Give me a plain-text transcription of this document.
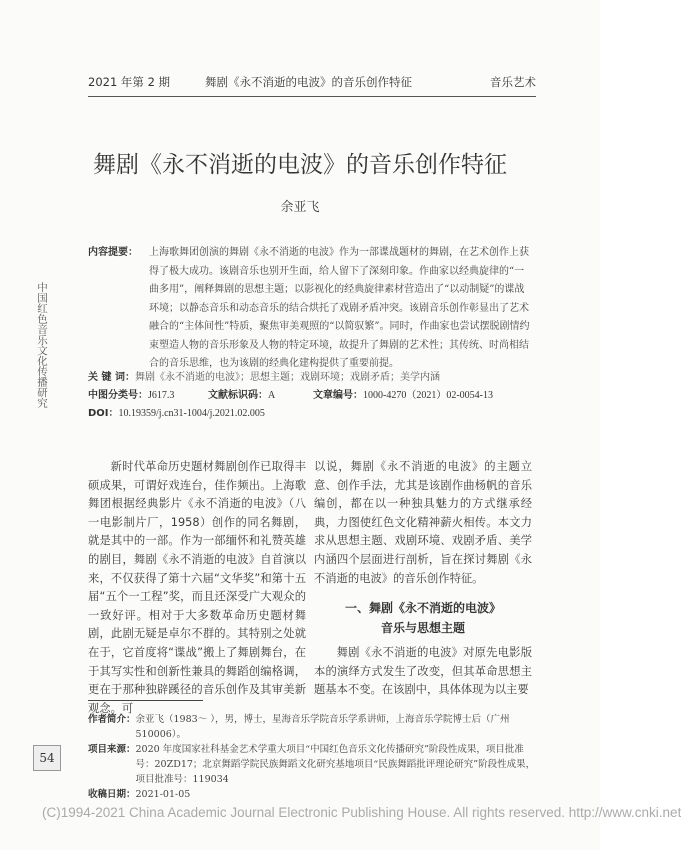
2021 年第 2 期	舞剧《永不消逝的电波》的音乐创作特征	音乐艺术
舞剧《永不消逝的电波》的音乐创作特征
余亚飞
内容提要： 上海歌舞团创演的舞剧《永不消逝的电波》作为一部谍战题材的舞剧，在艺术创作上获得了极大成功。该剧音乐也别开生面，给人留下了深刻印象。作曲家以经典旋律的“一曲多用”，阐释舞剧的思想主题；以影视化的经典旋律素材营造出了“以动制疑”的谍战环境；以静态音乐和动态音乐的结合烘托了戏剧矛盾冲突。该剧音乐创作彰显出了艺术融合的“主体间性”特质，聚焦审美观照的“以简驭繁”。同时，作曲家也尝试摆脱剧情约束塑造人物的音乐形象及人物的特定环境，故提升了舞剧的艺术性；其传统、时尚相结合的音乐思维，也为该剧的经典化建构提供了重要前提。
关 键 词：舞剧《永不消逝的电波》；思想主题；戏剧环境；戏剧矛盾；美学内涵
中图分类号：J617.3	文献标识码：A	文章编号：1000-4270（2021）02-0054-13
DOI：10.19359/j.cn31-1004/j.2021.02.005

新时代革命历史题材舞剧创作已取得丰硕成果，可谓好戏连台，佳作频出。上海歌舞团根据经典影片《永不消逝的电波》（八一电影制片厂，1958）创作的同名舞剧，就是其中的一部。作为一部缅怀和礼赞英雄的剧目，舞剧《永不消逝的电波》自首演以来，不仅获得了第十六届“文华奖”和第十五届“五个一工程”奖，而且还深受广大观众的一致好评。相对于大多数革命历史题材舞剧，此剧无疑是卓尔不群的。其特别之处就在于，它首度将“谍战”搬上了舞剧舞台，在于其写实性和创新性兼具的舞蹈创编格调，更在于那种独辟蹊径的音乐创作及其审美新观念。可

以说，舞剧《永不消逝的电波》的主题立意、创作手法，尤其是该剧作曲杨帆的音乐编创，都在以一种独具魅力的方式继承经典，力图使红色文化精神薪火相传。本文力求从思想主题、戏剧环境、戏剧矛盾、美学内涵四个层面进行剖析，旨在探讨舞剧《永不消逝的电波》的音乐创作特征。

一、舞剧《永不消逝的电波》
音乐与思想主题

舞剧《永不消逝的电波》对原先电影版本的演绎方式发生了改变，但其革命思想主题基本不变。在该剧中，具体体现为以主要

作者简介： 余亚飞（1983～ ），男，博士，星海音乐学院音乐学系讲师，上海音乐学院博士后（广州 510006）。
项目来源： 2020 年度国家社科基金艺术学重大项目“中国红色音乐文化传播研究”阶段性成果，项目批准号：20ZD17；北京舞蹈学院民族舞蹈文化研究基地项目“民族舞蹈批评理论研究”阶段性成果，项目批准号：119034
收稿日期： 2021-01-05
中国红色音乐文化传播研究
54
(C)1994-2021 China Academic Journal Electronic Publishing House. All rights reserved. http://www.cnki.net
